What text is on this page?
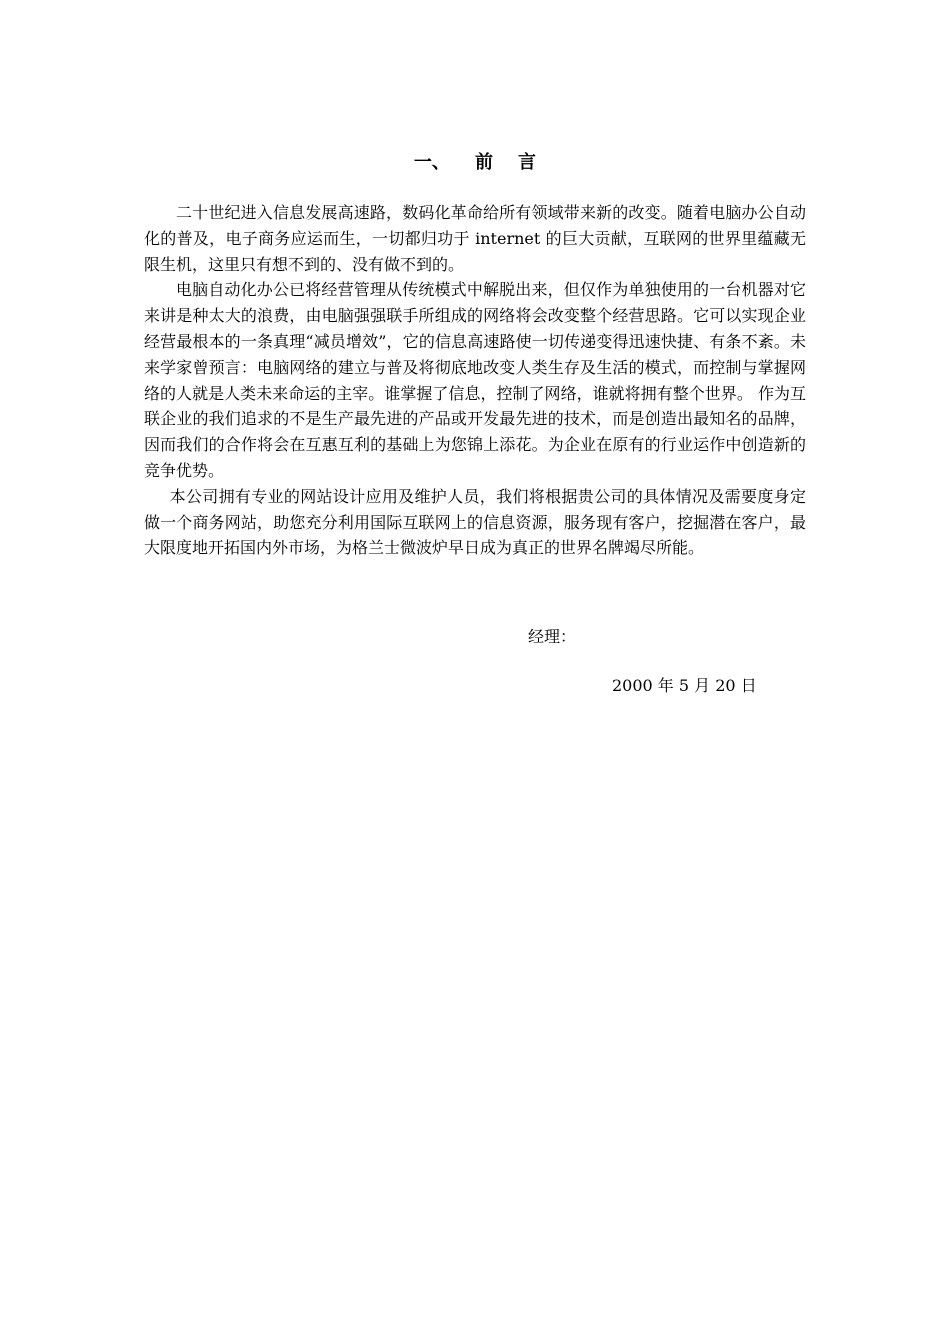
一、    前    言

二十世纪进入信息发展高速路，数码化革命给所有领域带来新的改变。随着电脑办公自动化的普及，电子商务应运而生，一切都归功于 internet 的巨大贡献，互联网的世界里蕴藏无限生机，这里只有想不到的、没有做不到的。

电脑自动化办公已将经营管理从传统模式中解脱出来，但仅作为单独使用的一台机器对它来讲是种太大的浪费，由电脑强强联手所组成的网络将会改变整个经营思路。它可以实现企业经营最根本的一条真理“减员增效”，它的信息高速路使一切传递变得迅速快捷、有条不紊。未来学家曾预言：电脑网络的建立与普及将彻底地改变人类生存及生活的模式，而控制与掌握网络的人就是人类未来命运的主宰。谁掌握了信息，控制了网络，谁就将拥有整个世界。 作为互联企业的我们追求的不是生产最先进的产品或开发最先进的技术，而是创造出最知名的品牌，因而我们的合作将会在互惠互利的基础上为您锦上添花。为企业在原有的行业运作中创造新的竞争优势。

本公司拥有专业的网站设计应用及维护人员，我们将根据贵公司的具体情况及需要度身定做一个商务网站，助您充分利用国际互联网上的信息资源，服务现有客户，挖掘潜在客户，最大限度地开拓国内外市场，为格兰士微波炉早日成为真正的世界名牌竭尽所能。

经理：
2000 年 5 月 20 日
